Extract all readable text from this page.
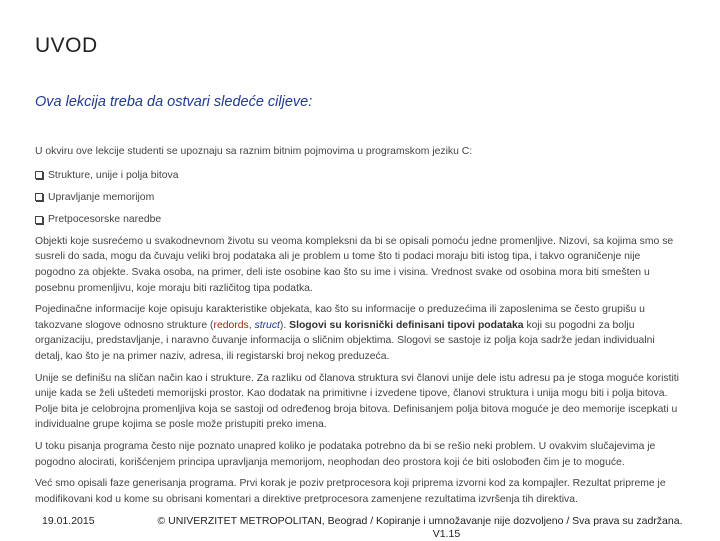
UVOD
Ova lekcija treba da ostvari sledeće ciljeve:

U okviru ove lekcije studenti se upoznaju sa raznim bitnim pojmovima u programskom jeziku C:

Strukture, unije i polja bitova
Upravljanje memorijom
Pretpocesorske naredbe

Objekti koje susrećemo u svakodnevnom životu su veoma kompleksni da bi se opisali pomoću jedne promenljive. Nizovi, sa kojima smo se susreli do sada, mogu da čuvaju veliki broj podataka ali je problem u tome što ti podaci moraju biti istog tipa, i takvo ograničenje nije pogodno za objekte. Svaka osoba, na primer, deli iste osobine kao što su ime i visina. Vrednost svake od osobina mora biti smešten u posebnu promenljivu, koje moraju biti različitog tipa podatka.

Pojedinačne informacije koje opisuju karakteristike objekata, kao što su informacije o preduzećima ili zaposlenima se često grupišu u takozvane slogove odnosno strukture (redords, struct). Slogovi su korisnički definisani tipovi podataka koji su pogodni za bolju organizaciju, predstavljanje, i naravno čuvanje informacija o sličnim objektima. Slogovi se sastoje iz polja koja sadrže jedan individualni detalj, kao što je na primer naziv, adresa, ili registarski broj nekog preduzeća.

Unije se definišu na sličan način kao i strukture. Za razliku od članova struktura svi članovi unije dele istu adresu pa je stoga moguće koristiti unije kada se želi uštedeti memorijski prostor. Kao dodatak na primitivne i izvedene tipove, članovi struktura i unija mogu biti i polja bitova. Polje bita je celobrojna promenljiva koja se sastoji od određenog broja bitova. Definisanjem polja bitova moguće je deo memorije iscepkati u individualne grupe kojima se posle može pristupiti preko imena.

U toku pisanja programa često nije poznato unapred koliko je podataka potrebno da bi se rešio neki problem. U ovakvim slučajevima je pogodno alocirati, korišćenjem principa upravljanja memorijom, neophodan deo prostora koji će biti oslobođen čim je to moguće.

Već smo opisali faze generisanja programa. Prvi korak je poziv pretprocesora koji priprema izvorni kod za kompajler. Rezultat pripreme je modifikovani kod u kome su obrisani komentari a direktive pretprocesora zamenjene rezultatima izvršenja tih direktiva.

19.01.2015	© UNIVERZITET METROPOLITAN, Beograd / Kopiranje i umnožavanje nije dozvoljeno / Sva prava su zadržana.  V1.15
